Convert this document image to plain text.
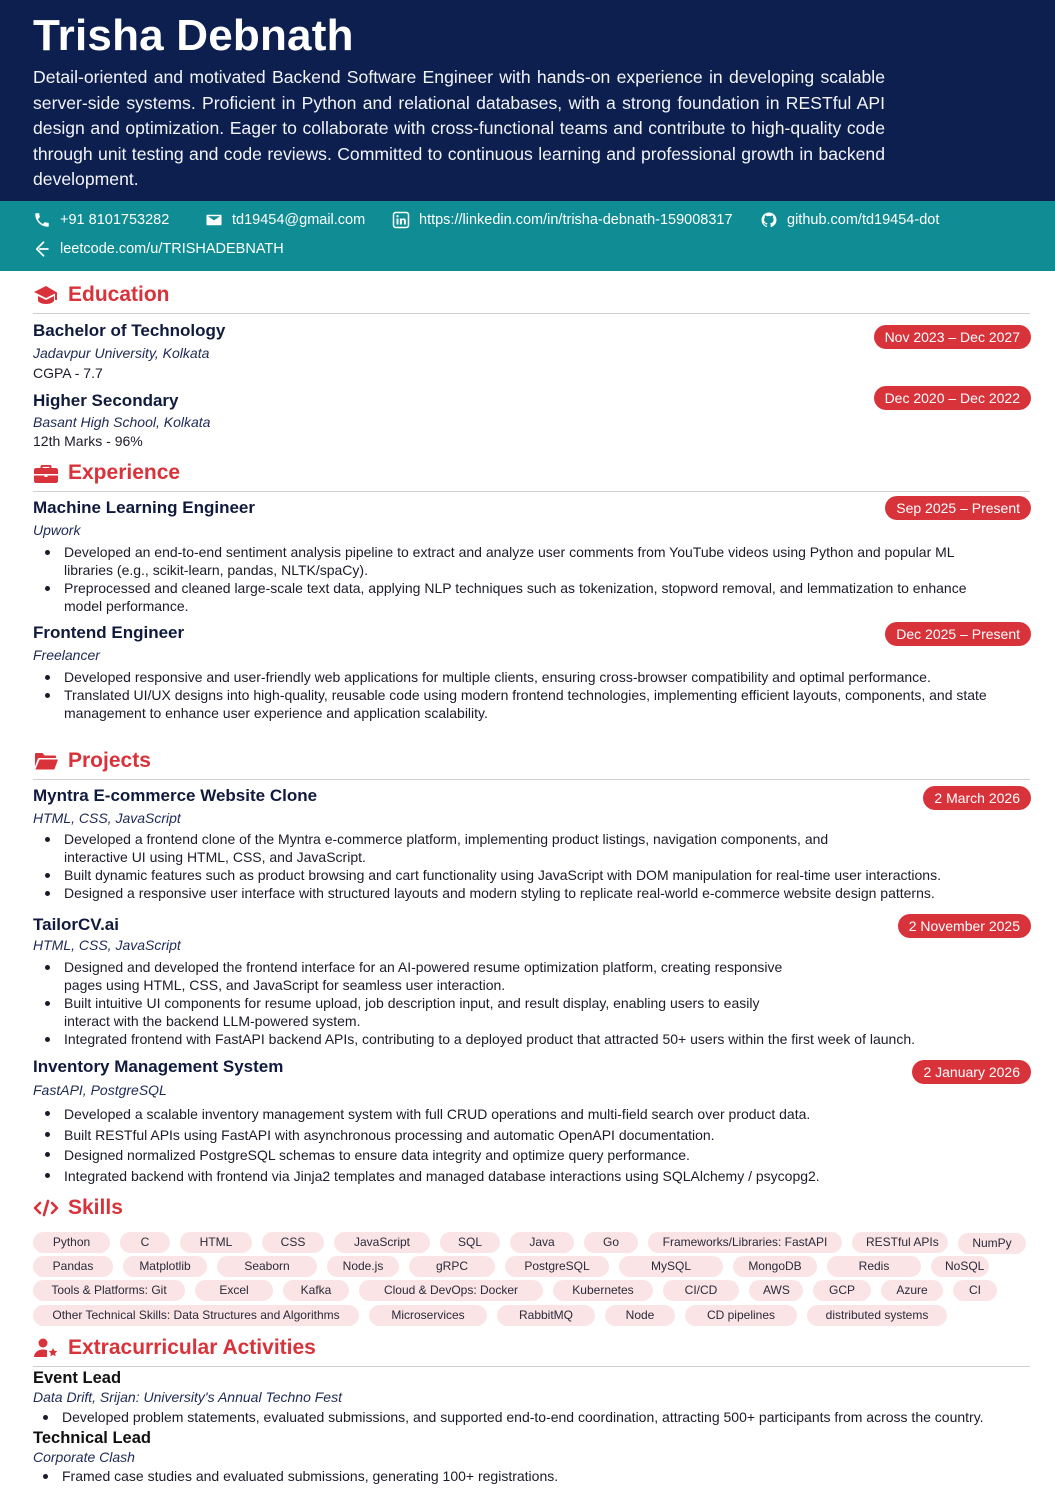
Trisha Debnath
Detail-oriented and motivated Backend Software Engineer with hands-on experience in developing scalable server-side systems. Proficient in Python and relational databases, with a strong foundation in RESTful API design and optimization. Eager to collaborate with cross-functional teams and contribute to high-quality code through unit testing and code reviews. Committed to continuous learning and professional growth in backend development.
+91 8101753282	td19454@gmail.com	https://linkedin.com/in/trisha-debnath-159008317	github.com/td19454-dot
leetcode.com/u/TRISHADEBNATH
Education
Bachelor of Technology	Nov 2023 – Dec 2027
Jadavpur University, Kolkata
CGPA - 7.7
Higher Secondary	Dec 2020 – Dec 2022
Basant High School, Kolkata
12th Marks - 96%
Experience
Machine Learning Engineer	Sep 2025 – Present
Upwork
Developed an end-to-end sentiment analysis pipeline to extract and analyze user comments from YouTube videos using Python and popular ML libraries (e.g., scikit-learn, pandas, NLTK/spaCy).
Preprocessed and cleaned large-scale text data, applying NLP techniques such as tokenization, stopword removal, and lemmatization to enhance model performance.
Frontend Engineer	Dec 2025 – Present
Freelancer
Developed responsive and user-friendly web applications for multiple clients, ensuring cross-browser compatibility and optimal performance.
Translated UI/UX designs into high-quality, reusable code using modern frontend technologies, implementing efficient layouts, components, and state management to enhance user experience and application scalability.
Projects
Myntra E-commerce Website Clone	2 March 2026
HTML, CSS, JavaScript
Developed a frontend clone of the Myntra e-commerce platform, implementing product listings, navigation components, and interactive UI using HTML, CSS, and JavaScript.
Built dynamic features such as product browsing and cart functionality using JavaScript with DOM manipulation for real-time user interactions.
Designed a responsive user interface with structured layouts and modern styling to replicate real-world e-commerce website design patterns.
TailorCV.ai	2 November 2025
HTML, CSS, JavaScript
Designed and developed the frontend interface for an AI-powered resume optimization platform, creating responsive pages using HTML, CSS, and JavaScript for seamless user interaction.
Built intuitive UI components for resume upload, job description input, and result display, enabling users to easily interact with the backend LLM-powered system.
Integrated frontend with FastAPI backend APIs, contributing to a deployed product that attracted 50+ users within the first week of launch.
Inventory Management System	2 January 2026
FastAPI, PostgreSQL
Developed a scalable inventory management system with full CRUD operations and multi-field search over product data.
Built RESTful APIs using FastAPI with asynchronous processing and automatic OpenAPI documentation.
Designed normalized PostgreSQL schemas to ensure data integrity and optimize query performance.
Integrated backend with frontend via Jinja2 templates and managed database interactions using SQLAlchemy / psycopg2.
Skills
Python	C	HTML	CSS	JavaScript	SQL	Java	Go	Frameworks/Libraries: FastAPI	RESTful APIs	NumPy
Pandas	Matplotlib	Seaborn	Node.js	gRPC	PostgreSQL	MySQL	MongoDB	Redis	NoSQL
Tools & Platforms: Git	Excel	Kafka	Cloud & DevOps: Docker	Kubernetes	CI/CD	AWS	GCP	Azure	CI
Other Technical Skills: Data Structures and Algorithms	Microservices	RabbitMQ	Node	CD pipelines	distributed systems
Extracurricular Activities
Event Lead
Data Drift, Srijan: University's Annual Techno Fest
Developed problem statements, evaluated submissions, and supported end-to-end coordination, attracting 500+ participants from across the country.
Technical Lead
Corporate Clash
Framed case studies and evaluated submissions, generating 100+ registrations.
